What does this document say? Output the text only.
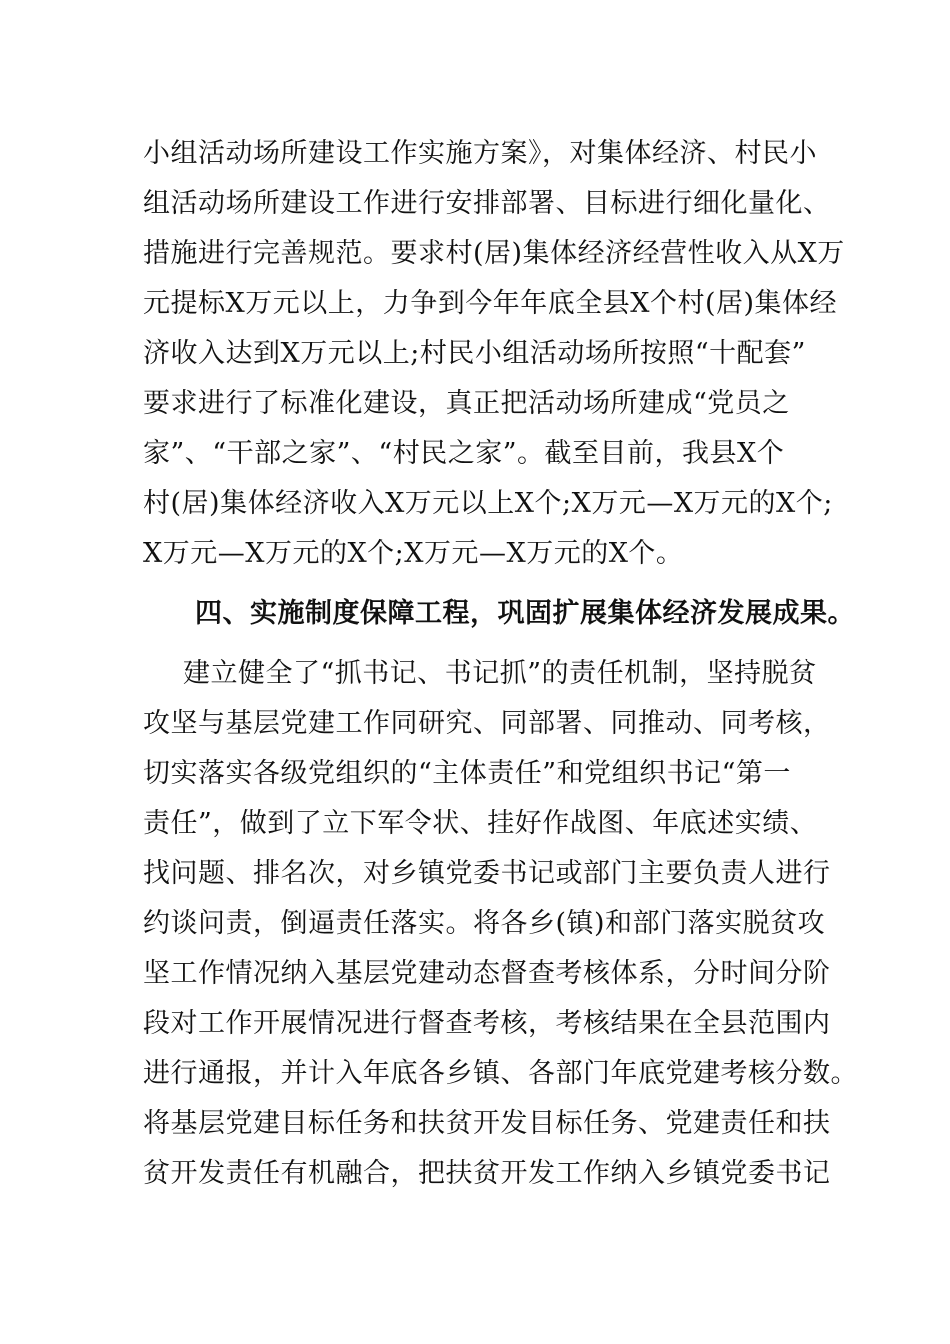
小组活动场所建设工作实施方案》，对集体经济、村民小
组活动场所建设工作进行安排部署、目标进行细化量化、
措施进行完善规范。要求村(居)集体经济经营性收入从X万
元提标X万元以上，力争到今年年底全县X个村(居)集体经
济收入达到X万元以上;村民小组活动场所按照“十配套”
要求进行了标准化建设，真正把活动场所建成“党员之
家”、“干部之家”、“村民之家”。截至目前，我县X个
村(居)集体经济收入X万元以上X个;X万元—X万元的X个;
X万元—X万元的X个;X万元—X万元的X个。
四、实施制度保障工程，巩固扩展集体经济发展成果。
建立健全了“抓书记、书记抓”的责任机制，坚持脱贫
攻坚与基层党建工作同研究、同部署、同推动、同考核，
切实落实各级党组织的“主体责任”和党组织书记“第一
责任”，做到了立下军令状、挂好作战图、年底述实绩、
找问题、排名次，对乡镇党委书记或部门主要负责人进行
约谈问责，倒逼责任落实。将各乡(镇)和部门落实脱贫攻
坚工作情况纳入基层党建动态督查考核体系，分时间分阶
段对工作开展情况进行督查考核，考核结果在全县范围内
进行通报，并计入年底各乡镇、各部门年底党建考核分数。
将基层党建目标任务和扶贫开发目标任务、党建责任和扶
贫开发责任有机融合，把扶贫开发工作纳入乡镇党委书记
